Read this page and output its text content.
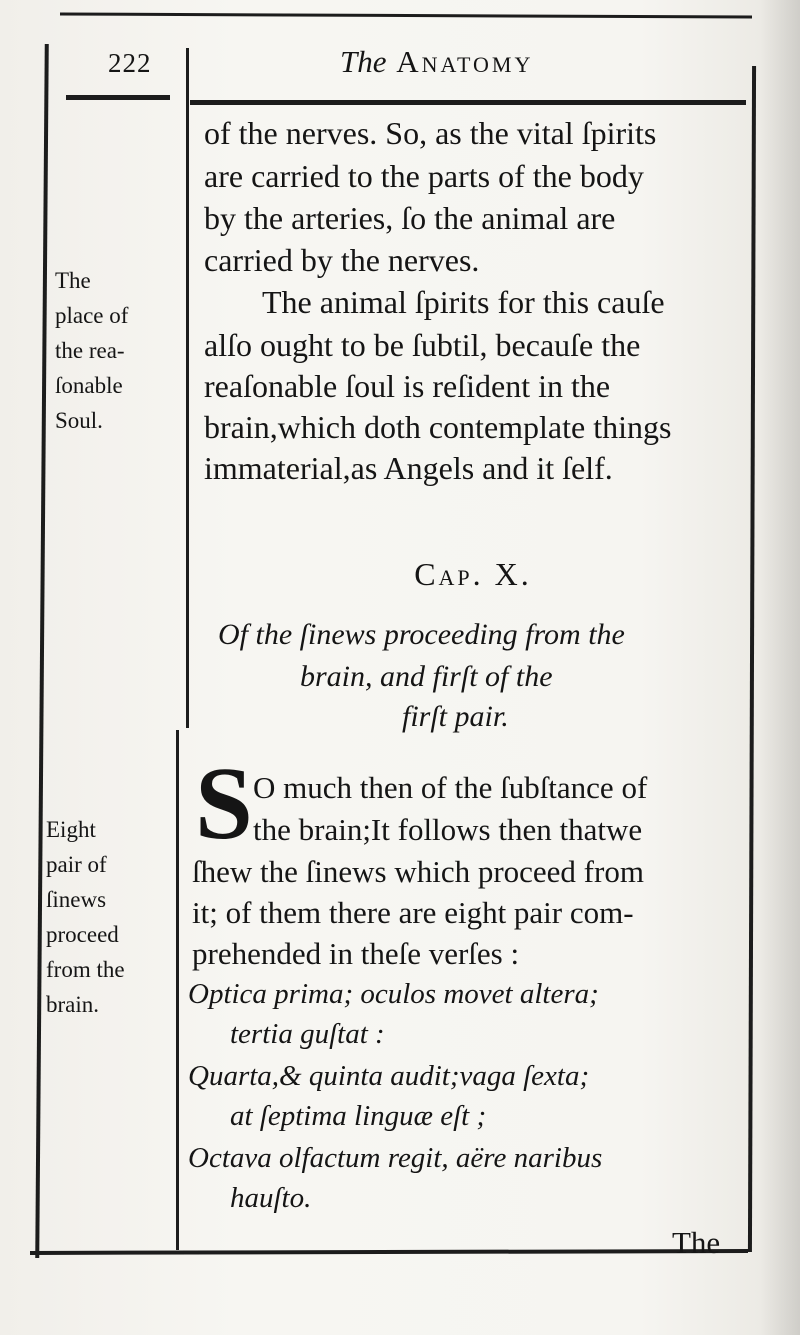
222	The Anatomy
The
place of
the rea-
ſonable
Soul.
Eight
pair of
ſinews
proceed
from the
brain.
of the nerves. So, as the vital ſpirits
are carried to the parts of the body
by the arteries, ſo the animal are
carried by the nerves.
The animal ſpirits for this cauſe
alſo ought to be ſubtil, becauſe the
reaſonable ſoul is reſident in the
brain,which doth contemplate things
immaterial,as Angels and it ſelf.
Cap. X.
Of the ſinews proceeding from the
brain, and firſt of the
firſt pair.
S O much then of the ſubſtance of
the brain;It follows then thatwe
ſhew the ſinews which proceed from
it; of them there are eight pair com-
prehended in theſe verſes :
Optica prima; oculos movet altera;
tertia guſtat :
Quarta,& quinta audit;vaga ſexta;
at ſeptima linguæ eſt ;
Octava olfactum regit, aëre naribus
hauſto.
The
